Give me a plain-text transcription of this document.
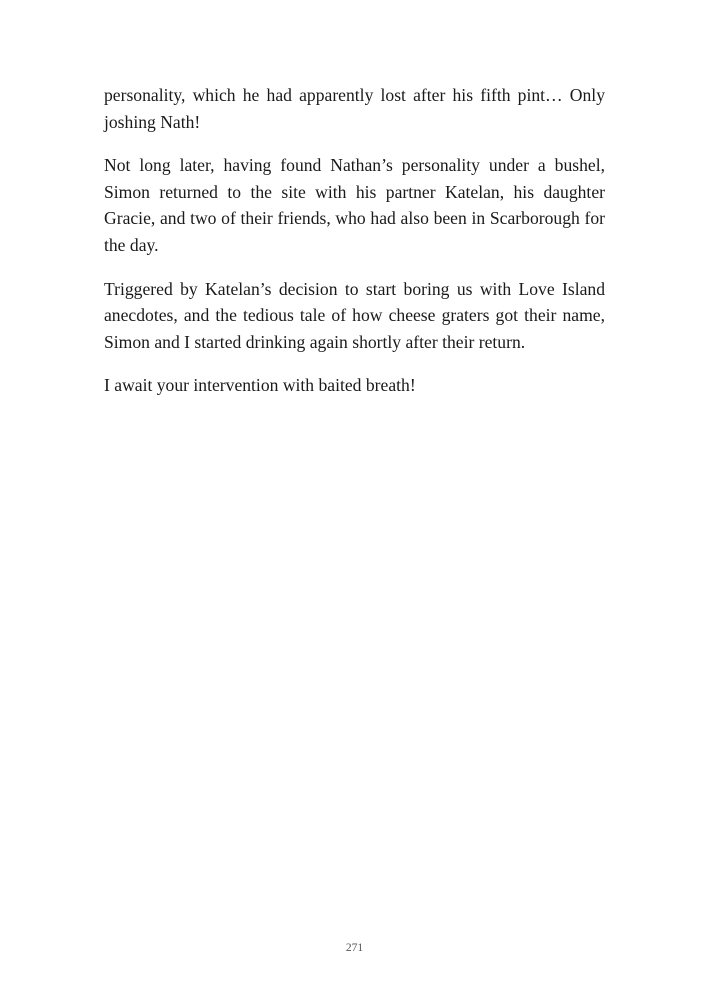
personality, which he had apparently lost after his fifth pint… Only joshing Nath!

Not long later, having found Nathan’s personality under a bushel, Simon returned to the site with his partner Katelan, his daughter Gracie, and two of their friends, who had also been in Scarborough for the day.

Triggered by Katelan’s decision to start boring us with Love Island anecdotes, and the tedious tale of how cheese graters got their name, Simon and I started drinking again shortly after their return.

I await your intervention with baited breath!

271
